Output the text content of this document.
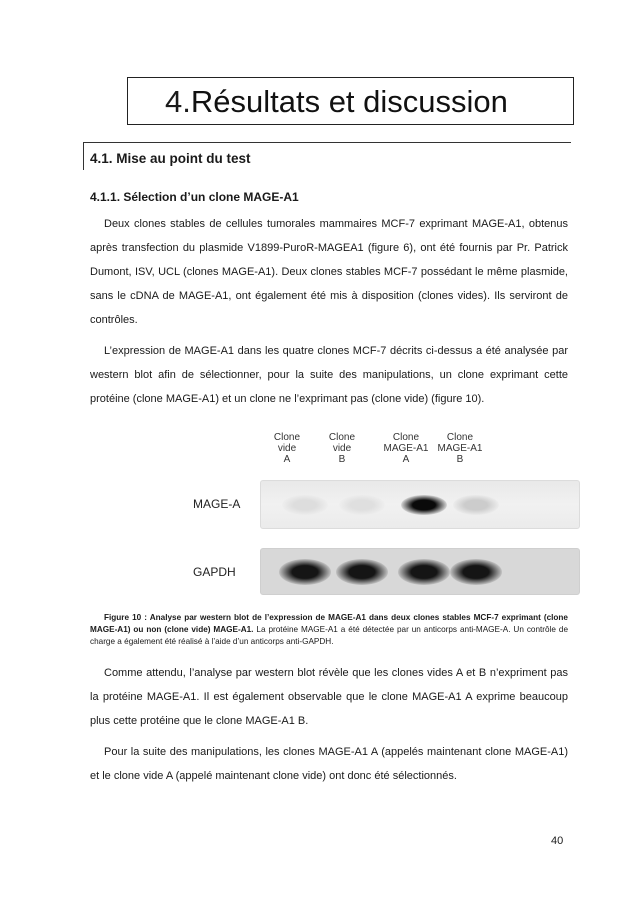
4.Résultats et discussion
4.1. Mise au point du test
4.1.1. Sélection d’un clone MAGE-A1

Deux clones stables de cellules tumorales mammaires MCF-7 exprimant MAGE-A1, obtenus après transfection du plasmide V1899-PuroR-MAGEA1 (figure 6), ont été fournis par Pr. Patrick Dumont, ISV, UCL (clones MAGE-A1). Deux clones stables MCF-7 possédant le même plasmide, sans le cDNA de MAGE-A1, ont également été mis à disposition (clones vides). Ils serviront de contrôles.

L’expression de MAGE-A1 dans les quatre clones MCF-7 décrits ci-dessus a été analysée par western blot afin de sélectionner, pour la suite des manipulations, un clone exprimant cette protéine (clone MAGE-A1) et un clone ne l’exprimant pas (clone vide) (figure 10).

Clone
vide
A
Clone
vide
B
Clone
MAGE-A1
A
Clone
MAGE-A1
B
MAGE-A
GAPDH

Figure 10 : Analyse par western blot de l’expression de MAGE-A1 dans deux clones stables MCF-7 exprimant (clone MAGE-A1) ou non (clone vide) MAGE-A1. La protéine MAGE-A1 a été détectée par un anticorps anti-MAGE-A. Un contrôle de charge a également été réalisé à l’aide d’un anticorps anti-GAPDH.

Comme attendu, l’analyse par western blot révèle que les clones vides A et B n’expriment pas la protéine MAGE-A1. Il est également observable que le clone MAGE-A1 A exprime beaucoup plus cette protéine que le clone MAGE-A1 B.

Pour la suite des manipulations, les clones MAGE-A1 A (appelés maintenant clone MAGE-A1) et le clone vide A (appelé maintenant clone vide) ont donc été sélectionnés.

40
